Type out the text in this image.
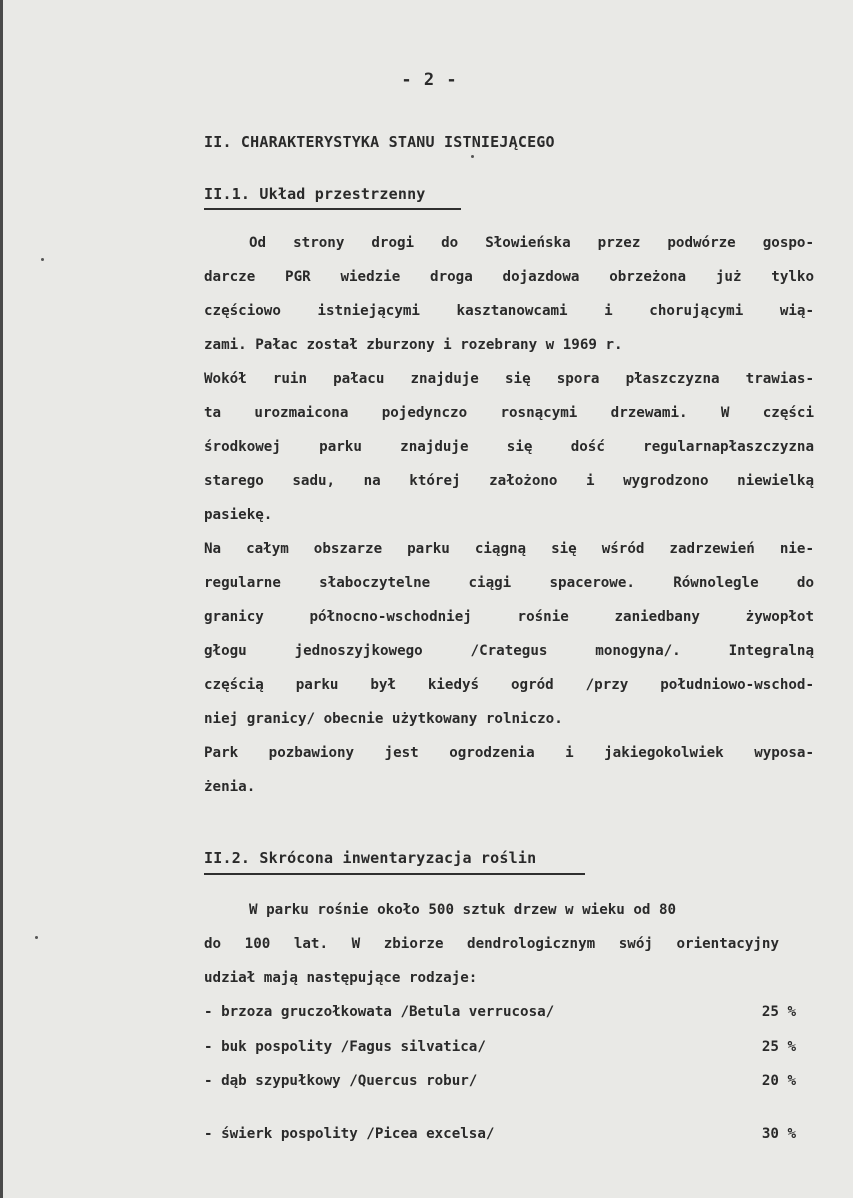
- 2 -
II. CHARAKTERYSTYKA STANU ISTNIEJĄCEGO
II.1. Układ przestrzenny
Od strony drogi do Słowieńska przez podwórze gospo-
darcze PGR wiedzie droga dojazdowa obrzeżona już tylko
częściowo istniejącymi kasztanowcami i chorującymi wią-
zami. Pałac został zburzony i rozebrany w 1969 r.
Wokół ruin pałacu znajduje się spora płaszczyzna trawias-
ta urozmaicona pojedynczo rosnącymi drzewami. W części
środkowej parku znajduje się dość regularnapłaszczyzna
starego sadu, na której założono i wygrodzono niewielką
pasiekę.
Na całym obszarze parku ciągną się wśród zadrzewień nie-
regularne słaboczytelne ciągi spacerowe. Równolegle do
granicy północno-wschodniej rośnie zaniedbany żywopłot
głogu jednoszyjkowego /Crategus monogyna/. Integralną
częścią parku był kiedyś ogród /przy południowo-wschod-
niej granicy/ obecnie użytkowany rolniczo.
Park pozbawiony jest ogrodzenia i jakiegokolwiek wyposa-
żenia.
II.2. Skrócona inwentaryzacja roślin
W parku rośnie około 500 sztuk drzew w wieku od 80
do 100 lat. W zbiorze dendrologicznym swój orientacyjny
udział mają następujące rodzaje:
- brzoza gruczołkowata /Betula verrucosa/	25 %
- buk pospolity /Fagus silvatica/	25 %
- dąb szypułkowy /Quercus robur/	20 %
- świerk pospolity /Picea excelsa/	30 %
